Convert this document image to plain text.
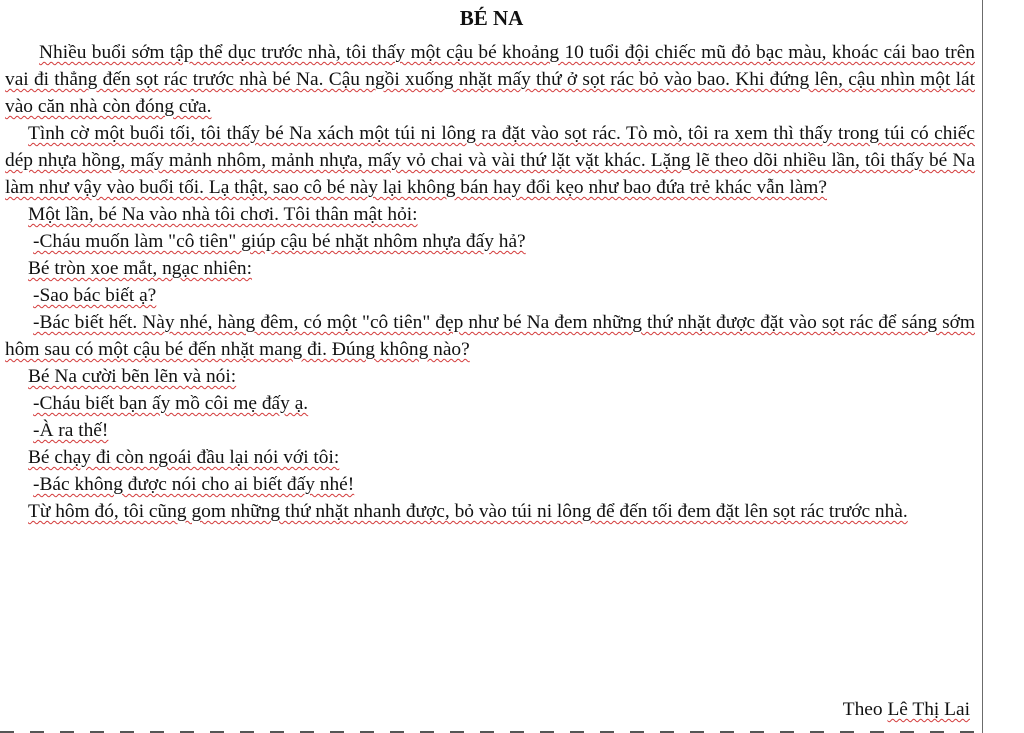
BÉ NA

Nhiều buổi sớm tập thể dục trước nhà, tôi thấy một cậu bé khoảng 10 tuổi đội chiếc mũ đỏ bạc màu, khoác cái bao trên vai đi thẳng đến sọt rác trước nhà bé Na. Cậu ngồi xuống nhặt mấy thứ ở sọt rác bỏ vào bao. Khi đứng lên, cậu nhìn một lát vào căn nhà còn đóng cửa.

Tình cờ một buổi tối, tôi thấy bé Na xách một túi ni lông ra đặt vào sọt rác. Tò mò, tôi ra xem thì thấy trong túi có chiếc dép nhựa hồng, mấy mảnh nhôm, mảnh nhựa, mấy vỏ chai và vài thứ lặt vặt khác. Lặng lẽ theo dõi nhiều lần, tôi thấy bé Na làm như vậy vào buổi tối. Lạ thật, sao cô bé này lại không bán hay đổi kẹo như bao đứa trẻ khác vẫn làm?

Một lần, bé Na vào nhà tôi chơi. Tôi thân mật hỏi:

-Cháu muốn làm "cô tiên" giúp cậu bé nhặt nhôm nhựa đấy hả?

Bé tròn xoe mắt, ngạc nhiên:

-Sao bác biết ạ?

-Bác biết hết. Này nhé, hàng đêm, có một "cô tiên" đẹp như bé Na đem những thứ nhặt được đặt vào sọt rác để sáng sớm hôm sau có một cậu bé đến nhặt mang đi. Đúng không nào?

Bé Na cười bẽn lẽn và nói:

-Cháu biết bạn ấy mồ côi mẹ đấy ạ.

-À ra thế!

Bé chạy đi còn ngoái đầu lại nói với tôi:

-Bác không được nói cho ai biết đấy nhé!

Từ hôm đó, tôi cũng gom những thứ nhặt nhanh được, bỏ vào túi ni lông để đến tối đem đặt lên sọt rác trước nhà.

Theo Lê Thị Lai
